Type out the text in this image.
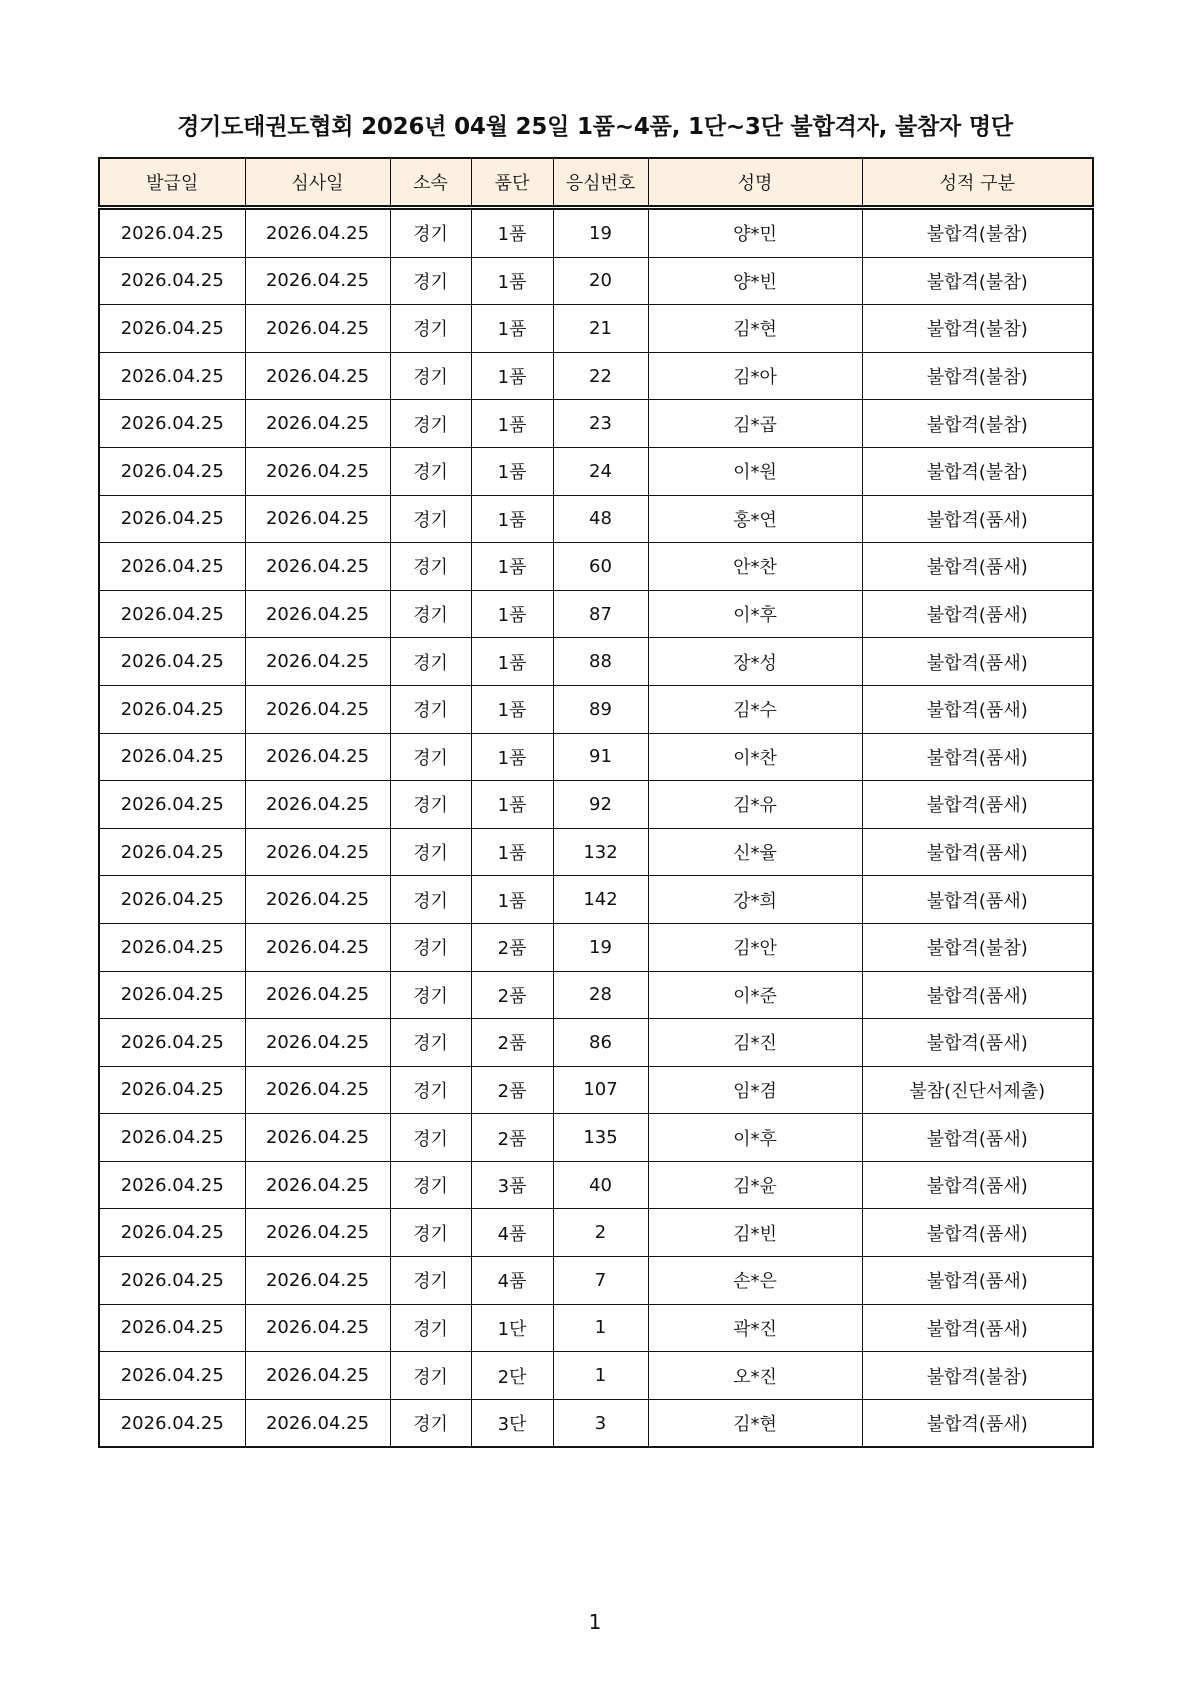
경기도태권도협회 2026년 04월 25일 1품~4품, 1단~3단 불합격자, 불참자 명단
발급일	심사일	소속	품단	응심번호	성명	성적 구분
2026.04.25	2026.04.25	경기	1품	19	양*민	불합격(불참)
2026.04.25	2026.04.25	경기	1품	20	양*빈	불합격(불참)
2026.04.25	2026.04.25	경기	1품	21	김*현	불합격(불참)
2026.04.25	2026.04.25	경기	1품	22	김*아	불합격(불참)
2026.04.25	2026.04.25	경기	1품	23	김*곱	불합격(불참)
2026.04.25	2026.04.25	경기	1품	24	이*원	불합격(불참)
2026.04.25	2026.04.25	경기	1품	48	홍*연	불합격(품새)
2026.04.25	2026.04.25	경기	1품	60	안*찬	불합격(품새)
2026.04.25	2026.04.25	경기	1품	87	이*후	불합격(품새)
2026.04.25	2026.04.25	경기	1품	88	장*성	불합격(품새)
2026.04.25	2026.04.25	경기	1품	89	김*수	불합격(품새)
2026.04.25	2026.04.25	경기	1품	91	이*찬	불합격(품새)
2026.04.25	2026.04.25	경기	1품	92	김*유	불합격(품새)
2026.04.25	2026.04.25	경기	1품	132	신*율	불합격(품새)
2026.04.25	2026.04.25	경기	1품	142	강*희	불합격(품새)
2026.04.25	2026.04.25	경기	2품	19	김*안	불합격(불참)
2026.04.25	2026.04.25	경기	2품	28	이*준	불합격(품새)
2026.04.25	2026.04.25	경기	2품	86	김*진	불합격(품새)
2026.04.25	2026.04.25	경기	2품	107	임*겸	불참(진단서제출)
2026.04.25	2026.04.25	경기	2품	135	이*후	불합격(품새)
2026.04.25	2026.04.25	경기	3품	40	김*윤	불합격(품새)
2026.04.25	2026.04.25	경기	4품	2	김*빈	불합격(품새)
2026.04.25	2026.04.25	경기	4품	7	손*은	불합격(품새)
2026.04.25	2026.04.25	경기	1단	1	곽*진	불합격(품새)
2026.04.25	2026.04.25	경기	2단	1	오*진	불합격(불참)
2026.04.25	2026.04.25	경기	3단	3	김*현	불합격(품새)
1
